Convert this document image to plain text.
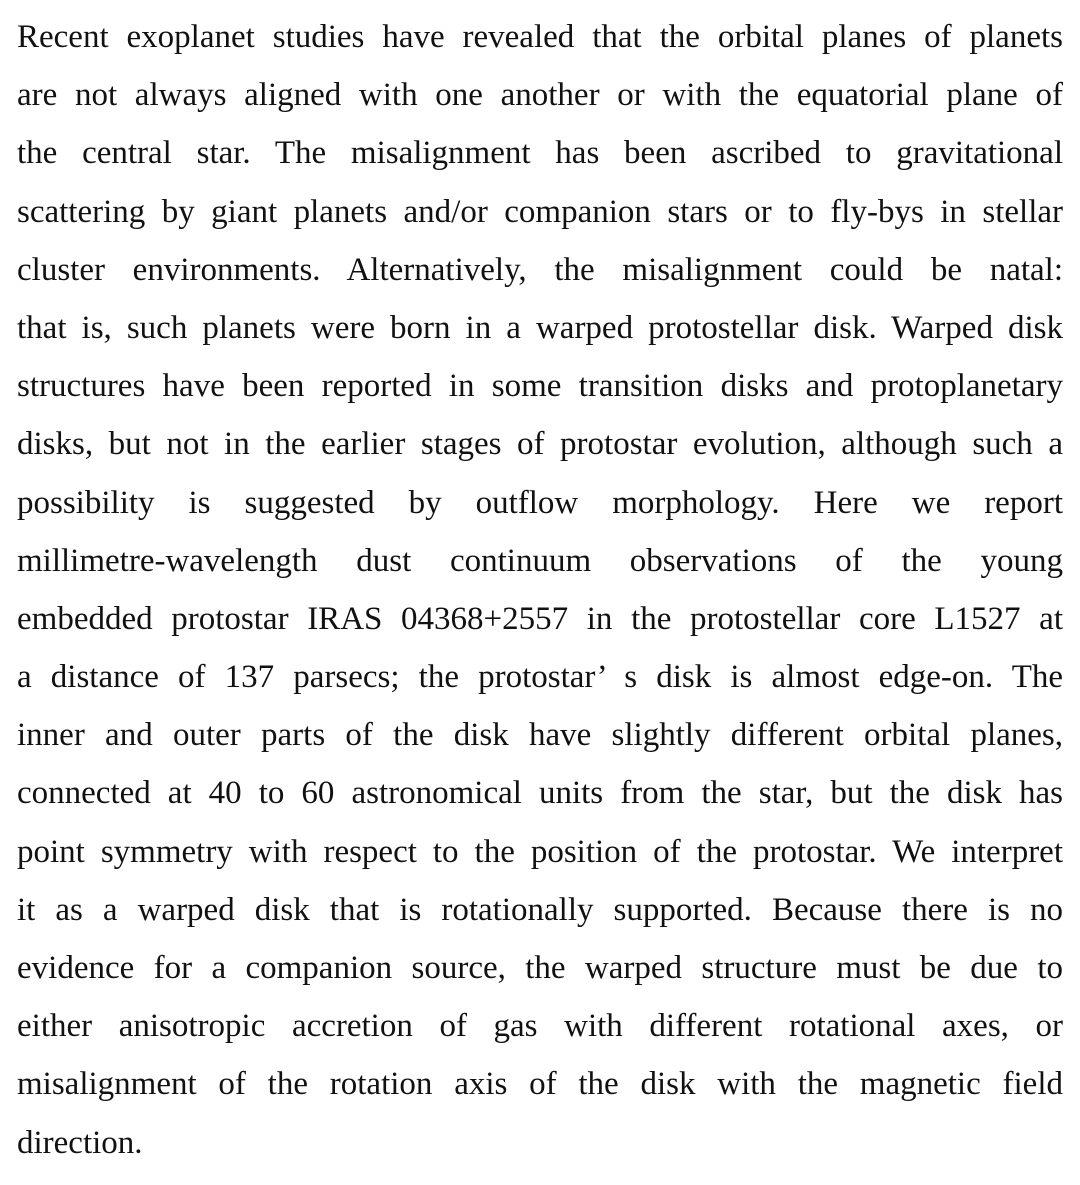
Recent exoplanet studies have revealed that the orbital planes of planets
are not always aligned with one another or with the equatorial plane of
the central star. The misalignment has been ascribed to gravitational
scattering by giant planets and/or companion stars or to fly-bys in stellar
cluster environments. Alternatively, the misalignment could be natal:
that is, such planets were born in a warped protostellar disk. Warped disk
structures have been reported in some transition disks and protoplanetary
disks, but not in the earlier stages of protostar evolution, although such a
possibility is suggested by outflow morphology. Here we report
millimetre-wavelength dust continuum observations of the young
embedded protostar IRAS 04368+2557 in the protostellar core L1527 at
a distance of 137 parsecs; the protostar’ s disk is almost edge-on. The
inner and outer parts of the disk have slightly different orbital planes,
connected at 40 to 60 astronomical units from the star, but the disk has
point symmetry with respect to the position of the protostar. We interpret
it as a warped disk that is rotationally supported. Because there is no
evidence for a companion source, the warped structure must be due to
either anisotropic accretion of gas with different rotational axes, or
misalignment of the rotation axis of the disk with the magnetic field
direction.
